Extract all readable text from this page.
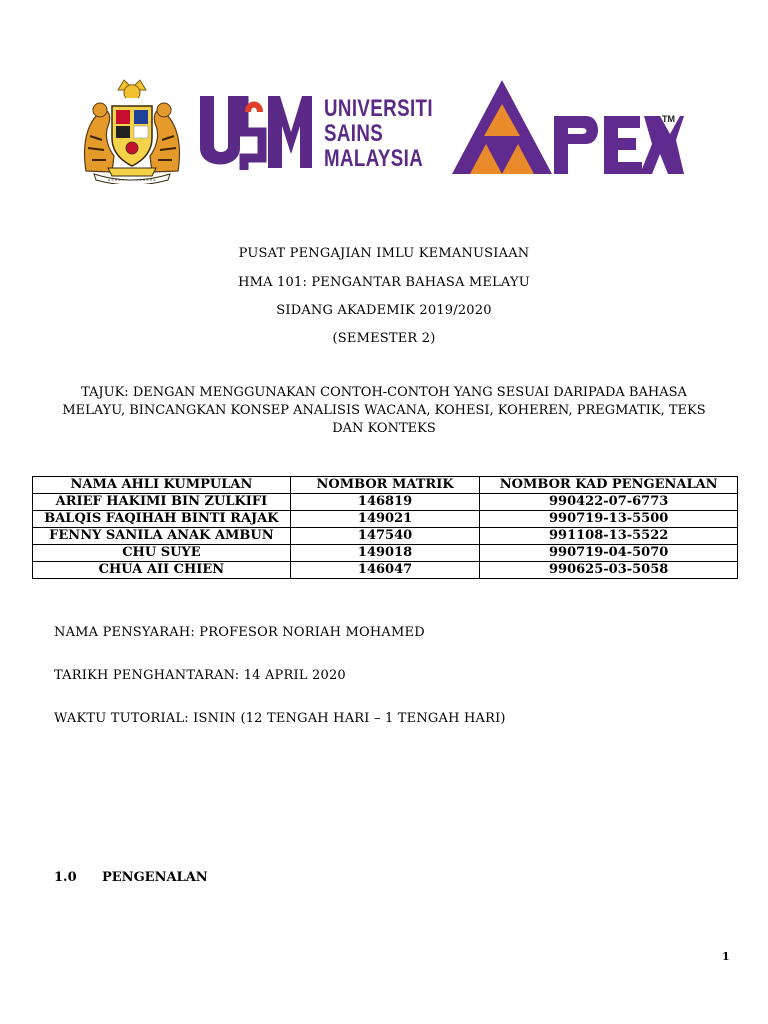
UNIVERSITI
SAINS
MALAYSIA
TM
PUSAT PENGAJIAN IMLU KEMANUSIAAN
HMA 101: PENGANTAR BAHASA MELAYU
SIDANG AKADEMIK 2019/2020
(SEMESTER 2)
TAJUK: DENGAN MENGGUNAKAN CONTOH-CONTOH YANG SESUAI DARIPADA BAHASA MELAYU, BINCANGKAN KONSEP ANALISIS WACANA, KOHESI, KOHEREN, PREGMATIK, TEKS DAN KONTEKS
NAMA AHLI KUMPULAN	NOMBOR MATRIK	NOMBOR KAD PENGENALAN
ARIEF HAKIMI BIN ZULKIFI	146819	990422-07-6773
BALQIS FAQIHAH BINTI RAJAK	149021	990719-13-5500
FENNY SANILA ANAK AMBUN	147540	991108-13-5522
CHU SUYE	149018	990719-04-5070
CHUA AII CHIEN	146047	990625-03-5058
NAMA PENSYARAH: PROFESOR NORIAH MOHAMED
TARIKH PENGHANTARAN: 14 APRIL 2020
WAKTU TUTORIAL: ISNIN (12 TENGAH HARI – 1 TENGAH HARI)
1.0 PENGENALAN
1
